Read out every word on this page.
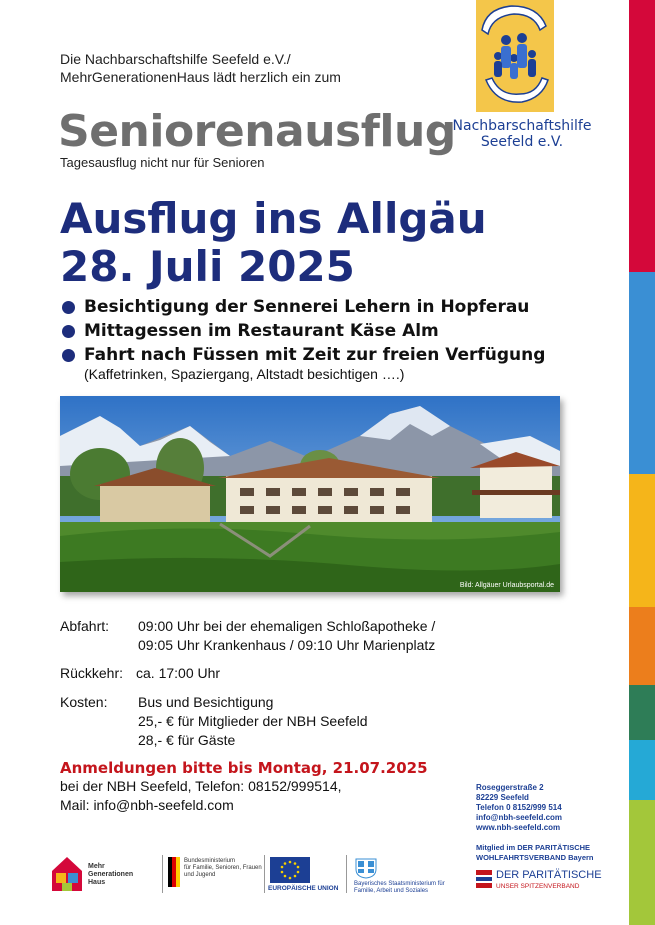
Die Nachbarschaftshilfe Seefeld e.V./
MehrGenerationenHaus lädt herzlich ein zum
Seniorenausflug
Tagesausflug nicht nur für Senioren
Nachbarschaftshilfe
Seefeld e.V.
Ausflug ins Allgäu
28. Juli 2025
Besichtigung der Sennerei Lehern in Hopferau
Mittagessen im Restaurant Käse Alm
Fahrt nach Füssen mit Zeit zur freien Verfügung
(Kaffetrinken, Spaziergang, Altstadt besichtigen ….)
Bild: Allgäuer Urlaubsportal.de
Abfahrt: 09:00 Uhr bei der ehemaligen Schloßapotheke /
09:05 Uhr Krankenhaus / 09:10 Uhr Marienplatz
Rückkehr: ca. 17:00 Uhr
Kosten: Bus und Besichtigung
25,- € für Mitglieder der NBH Seefeld
28,- € für Gäste
Anmeldungen bitte bis Montag, 21.07.2025
bei der NBH Seefeld, Telefon: 08152/999514,
Mail: info@nbh-seefeld.com
Roseggerstraße 2
82229 Seefeld
Telefon 0 8152/999 514
info@nbh-seefeld.com
www.nbh-seefeld.com
Mitglied im DER PARITÄTISCHE
WOHLFAHRTSVERBAND Bayern
DER PARITÄTISCHE
UNSER SPITZENVERBAND
Mehr
Generationen
Haus
Bundesministerium
für Familie, Senioren, Frauen
und Jugend
EUROPÄISCHE UNION
Bayerisches Staatsministerium für
Familie, Arbeit und Soziales
